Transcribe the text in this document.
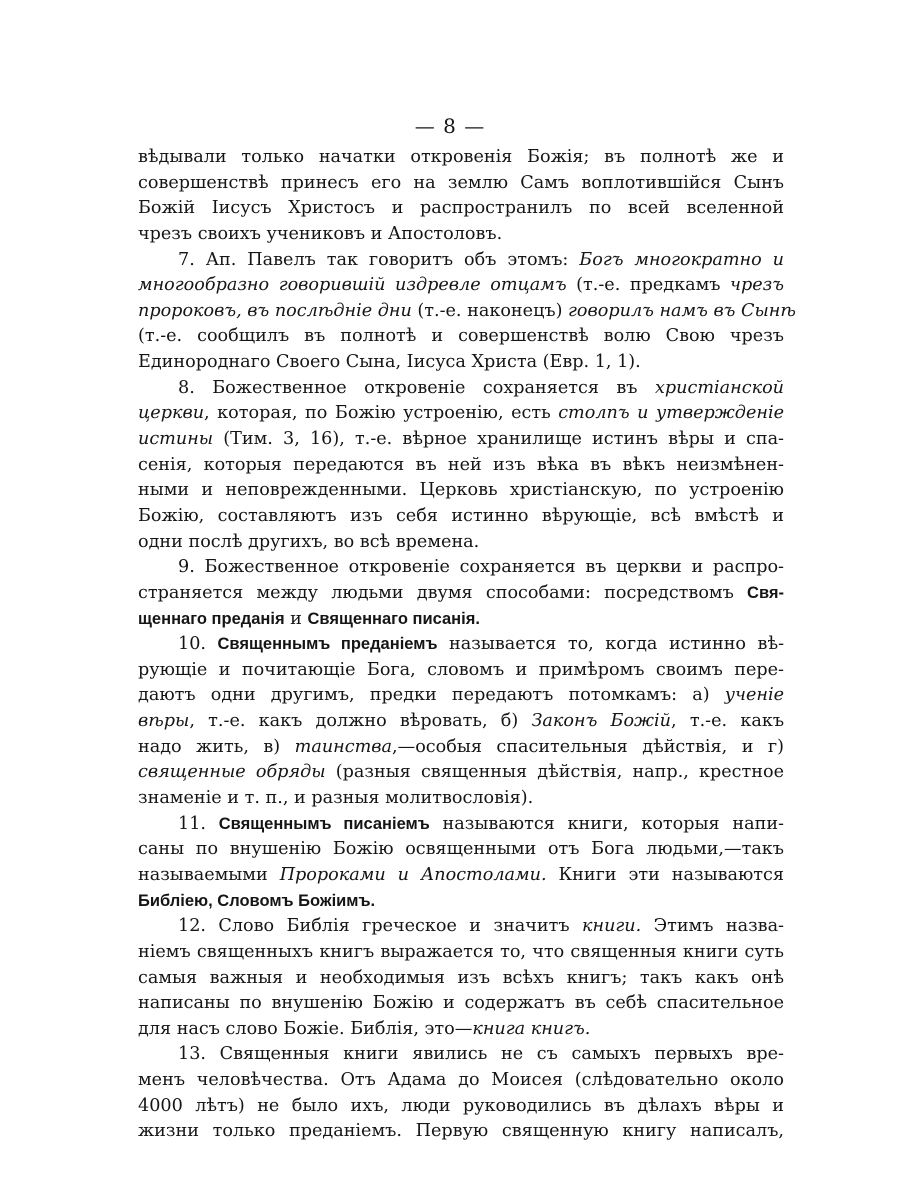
— 8 —
вѣдывали только начатки откровенія Божія; въ полнотѣ же и
совершенствѣ принесъ его на землю Самъ воплотившійся Сынъ
Божій Іисусъ Христосъ и распространилъ по всей вселенной
чрезъ своихъ учениковъ и Апостоловъ.
7. Ап. Павелъ так говоритъ объ этомъ: Богъ многократно и
многообразно говорившій издревле отцамъ (т.-е. предкамъ чрезъ
пророковъ, въ послѣдніе дни (т.-е. наконецъ) говорилъ намъ въ Сынѣ
(т.-е. сообщилъ въ полнотѣ и совершенствѣ волю Свою чрезъ
Единороднаго Своего Сына, Іисуса Христа (Евр. 1, 1).
8. Божественное откровеніе сохраняется въ христіанской
церкви, которая, по Божію устроенію, есть столпъ и утвержденіе
истины (Тим. 3, 16), т.-е. вѣрное хранилище истинъ вѣры и спа-
сенія, которыя передаются въ ней изъ вѣка въ вѣкъ неизмѣнен-
ными и неповрежденными. Церковь христіанскую, по устроенію
Божію, составляютъ изъ себя истинно вѣрующіе, всѣ вмѣстѣ и
одни послѣ другихъ, во всѣ времена.
9. Божественное откровеніе сохраняется въ церкви и распро-
страняется между людьми двумя способами: посредствомъ Свя-
щеннаго преданія и Священнаго писанія.
10. Священнымъ преданіемъ называется то, когда истинно вѣ-
рующіе и почитающіе Бога, словомъ и примѣромъ своимъ пере-
даютъ одни другимъ, предки передаютъ потомкамъ: а) ученіе
вѣры, т.-е. какъ должно вѣровать, б) Законъ Божій, т.-е. какъ
надо жить, в) таинства,—особыя спасительныя дѣйствія, и г)
священные обряды (разныя священныя дѣйствія, напр., крестное
знаменіе и т. п., и разныя молитвословія).
11. Священнымъ писаніемъ называются книги, которыя напи-
саны по внушенію Божію освященными отъ Бога людьми,—такъ
называемыми Пророками и Апостолами. Книги эти называются
Библіею, Словомъ Божіимъ.
12. Слово Библія греческое и значитъ книги. Этимъ назва-
ніемъ священныхъ книгъ выражается то, что священныя книги суть
самыя важныя и необходимыя изъ всѣхъ книгъ; такъ какъ онѣ
написаны по внушенію Божію и содержатъ въ себѣ спасительное
для насъ слово Божіе. Библія, это—книга книгъ.
13. Священныя книги явились не съ самыхъ первыхъ вре-
менъ человѣчества. Отъ Адама до Моисея (слѣдовательно около
4000 лѣтъ) не было ихъ, люди руководились въ дѣлахъ вѣры и
жизни только преданіемъ. Первую священную книгу написалъ,
